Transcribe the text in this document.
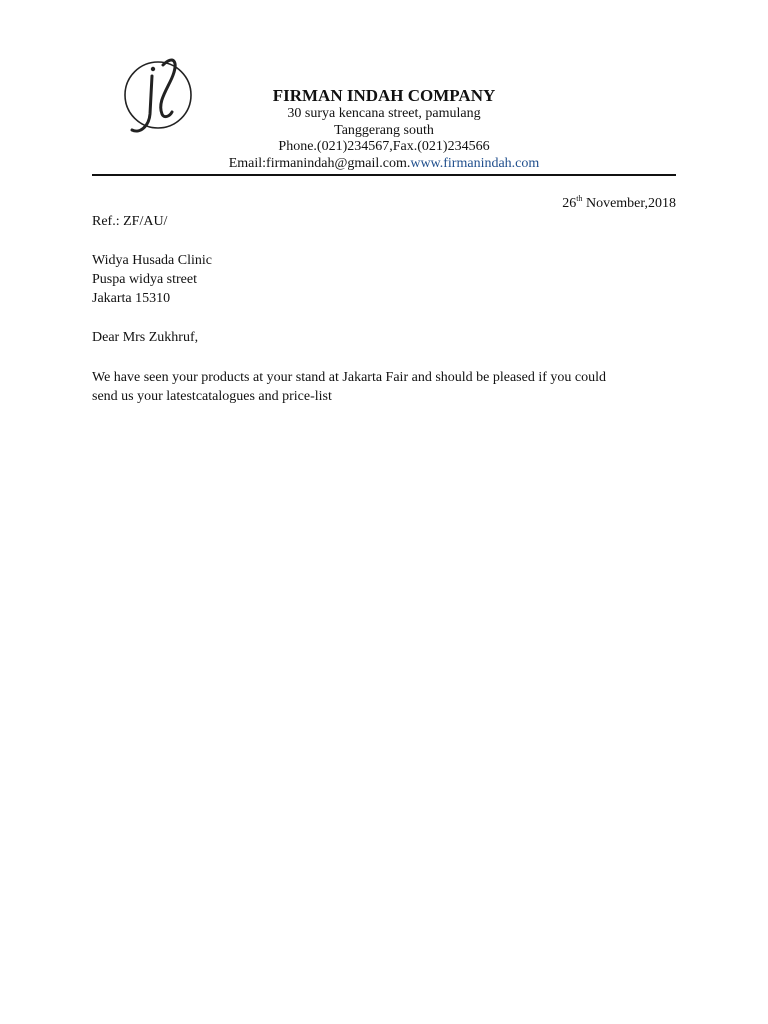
FIRMAN INDAH COMPANY
30 surya kencana street, pamulang
Tanggerang south
Phone.(021)234567,Fax.(021)234566
Email:firmanindah@gmail.com.www.firmanindah.com
26th November,2018
Ref.: ZF/AU/
Widya Husada Clinic
Puspa widya street
Jakarta 15310
Dear Mrs Zukhruf,
We have seen your products at your stand at Jakarta Fair and should be pleased if you could
send us your latestcatalogues and price-list
